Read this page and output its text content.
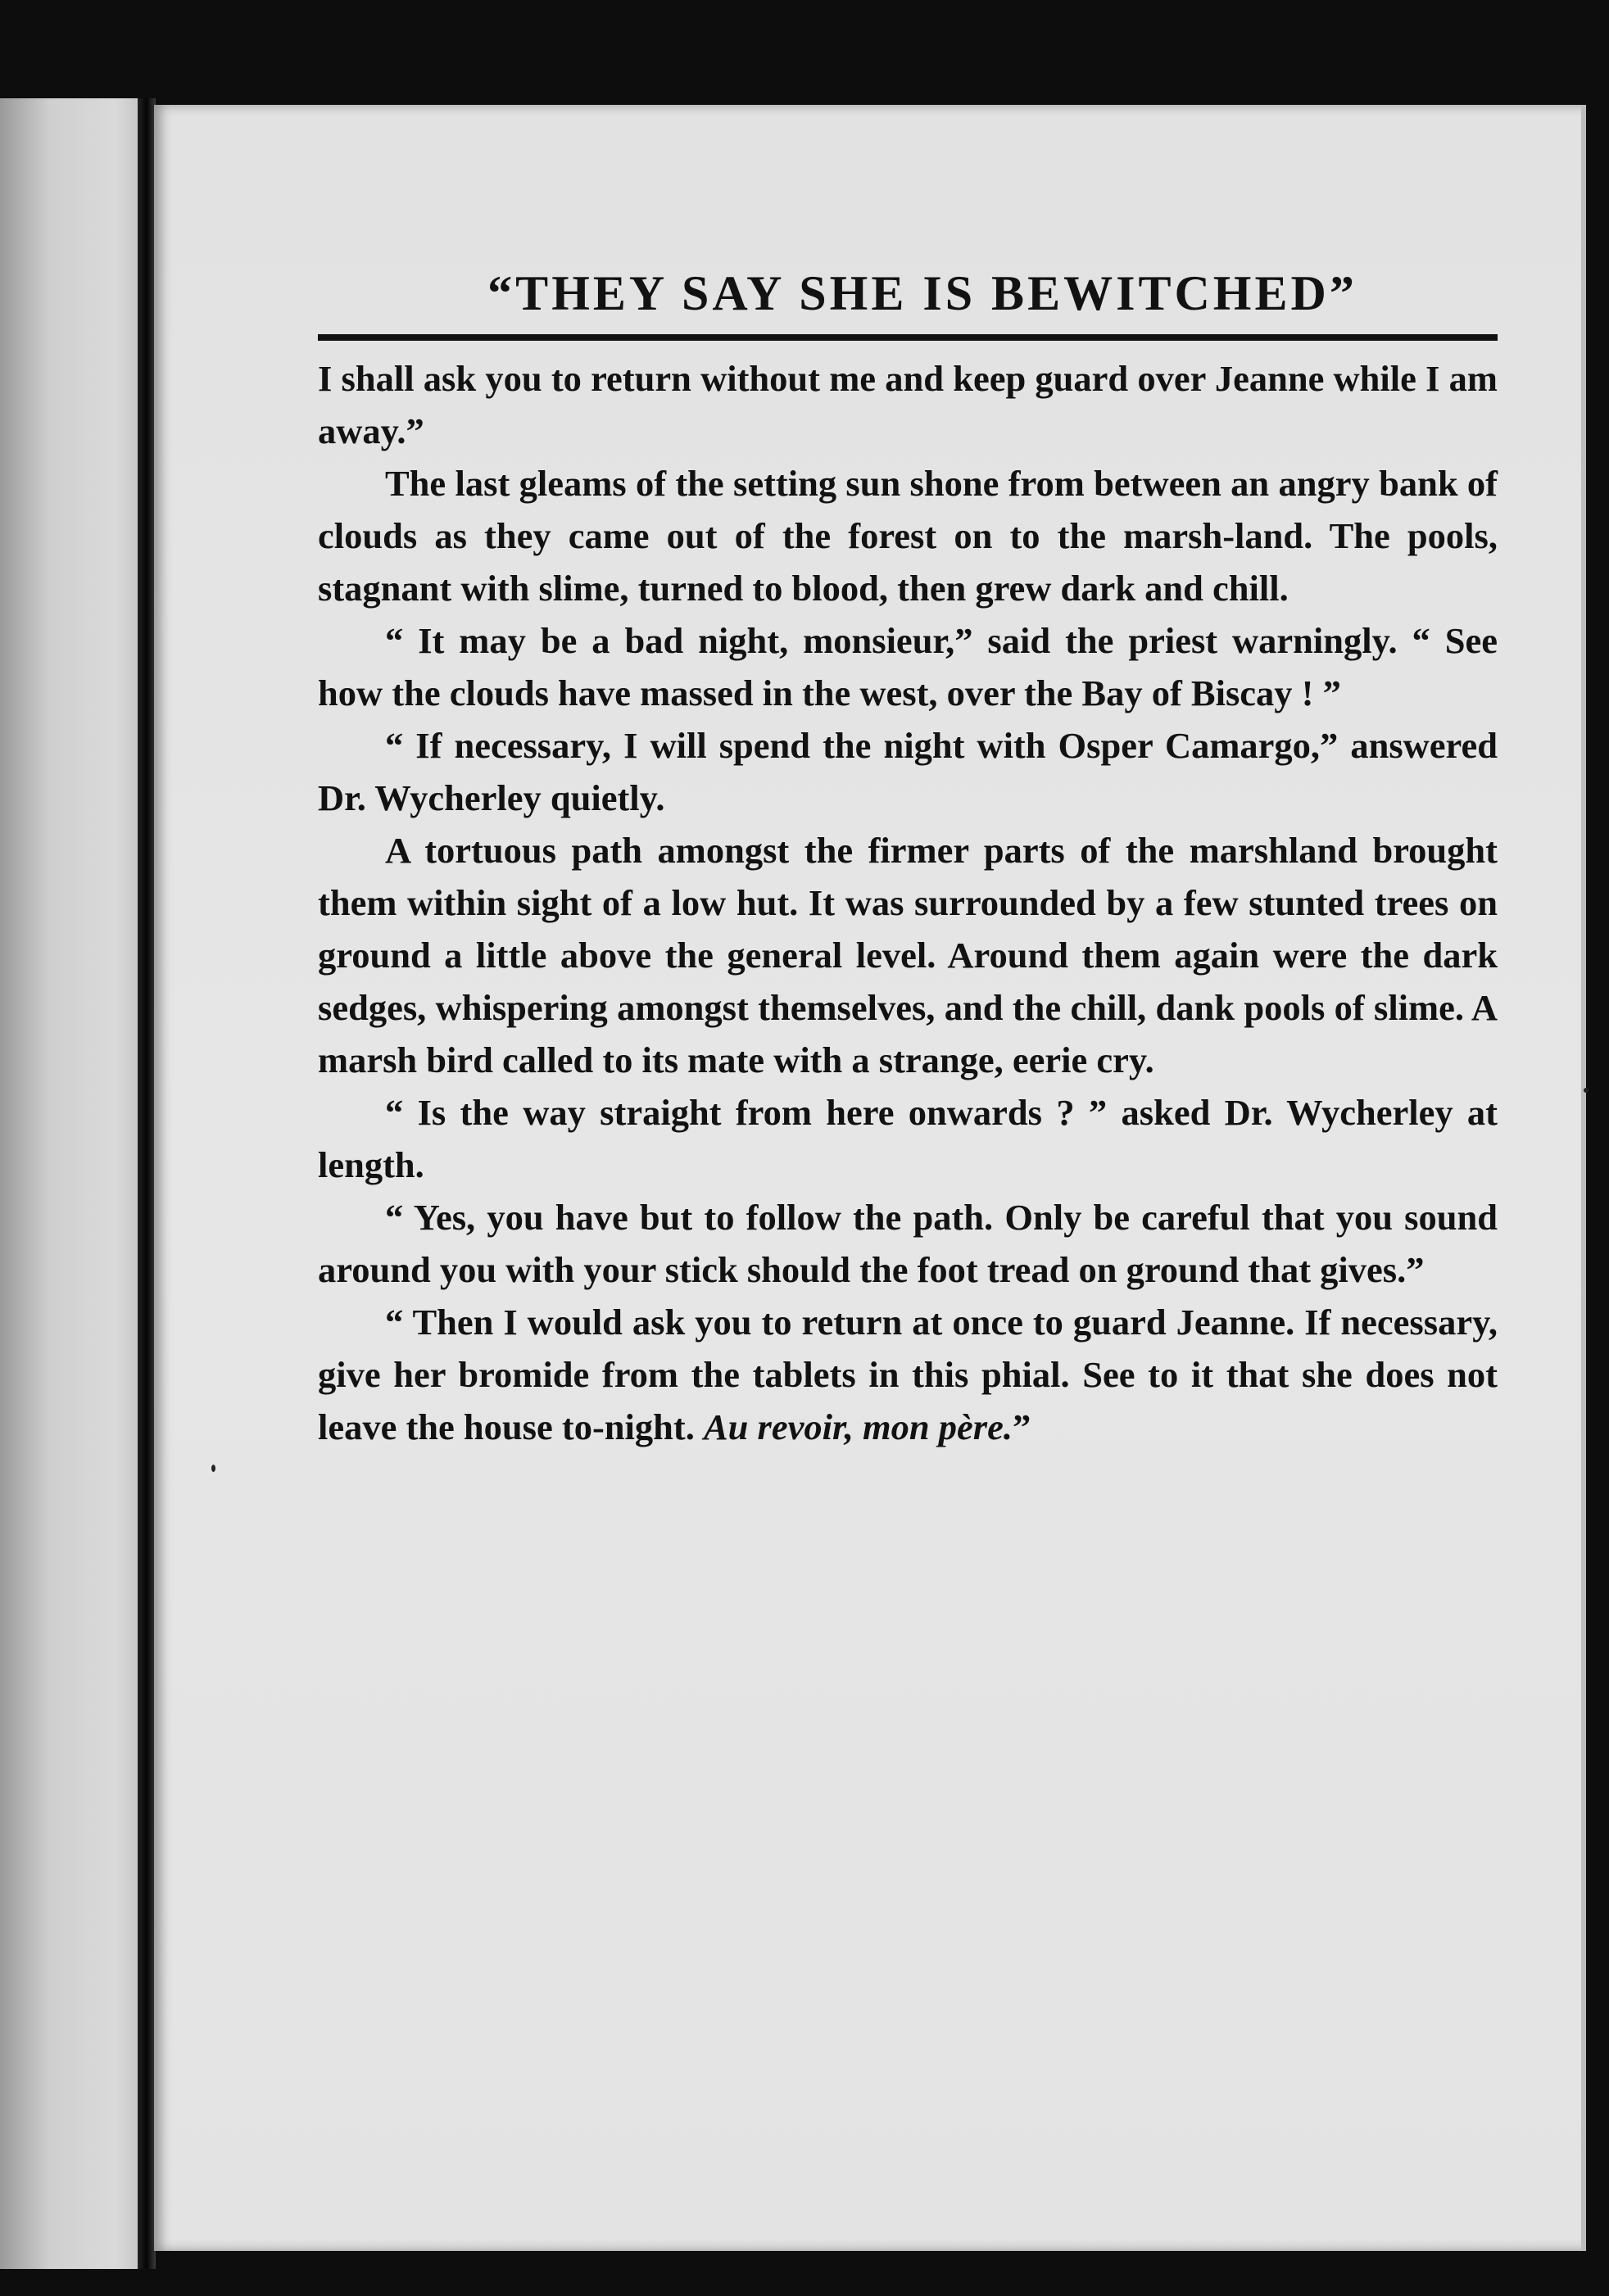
“THEY SAY SHE IS BEWITCHED”

I shall ask you to return without me and keep guard over Jeanne while I am away.”

The last gleams of the setting sun shone from between an angry bank of clouds as they came out of the forest on to the marsh-land. The pools, stagnant with slime, turned to blood, then grew dark and chill.

“ It may be a bad night, monsieur,” said the priest warningly. “ See how the clouds have massed in the west, over the Bay of Biscay ! ”

“ If necessary, I will spend the night with Osper Camargo,” answered Dr. Wycherley quietly.

A tortuous path amongst the firmer parts of the marshland brought them within sight of a low hut. It was surrounded by a few stunted trees on ground a little above the general level. Around them again were the dark sedges, whispering amongst themselves, and the chill, dank pools of slime. A marsh bird called to its mate with a strange, eerie cry.

“ Is the way straight from here onwards ? ” asked Dr. Wycherley at length.

“ Yes, you have but to follow the path. Only be careful that you sound around you with your stick should the foot tread on ground that gives.”

“ Then I would ask you to return at once to guard Jeanne. If necessary, give her bromide from the tablets in this phial. See to it that she does not leave the house to-night. Au revoir, mon père.”
